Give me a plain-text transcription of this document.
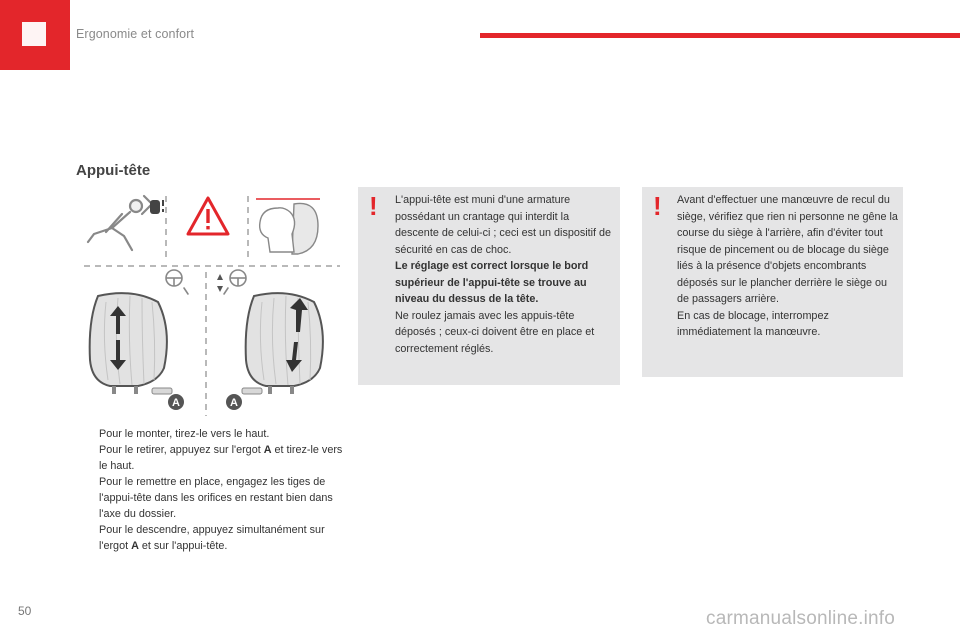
Ergonomie et confort
Appui-tête
A	A
Pour le monter, tirez-le vers le haut.
Pour le retirer, appuyez sur l'ergot A et tirez-le vers le haut.
Pour le remettre en place, engagez les tiges de l'appui-tête dans les orifices en restant bien dans l'axe du dossier.
Pour le descendre, appuyez simultanément sur l'ergot A et sur l'appui-tête.
! L'appui-tête est muni d'une armature possédant un crantage qui interdit la descente de celui-ci ; ceci est un dispositif de sécurité en cas de choc.

Le réglage est correct lorsque le bord supérieur de l'appui-tête se trouve au niveau du dessus de la tête.

Ne roulez jamais avec les appuis-tête déposés ; ceux-ci doivent être en place et correctement réglés.

! Avant d'effectuer une manœuvre de recul du siège, vérifiez que rien ni personne ne gêne la course du siège à l'arrière, afin d'éviter tout risque de pincement ou de blocage du siège liés à la présence d'objets encombrants déposés sur le plancher derrière le siège ou de passagers arrière.

En cas de blocage, interrompez immédiatement la manœuvre.

50	carmanualsonline.info
